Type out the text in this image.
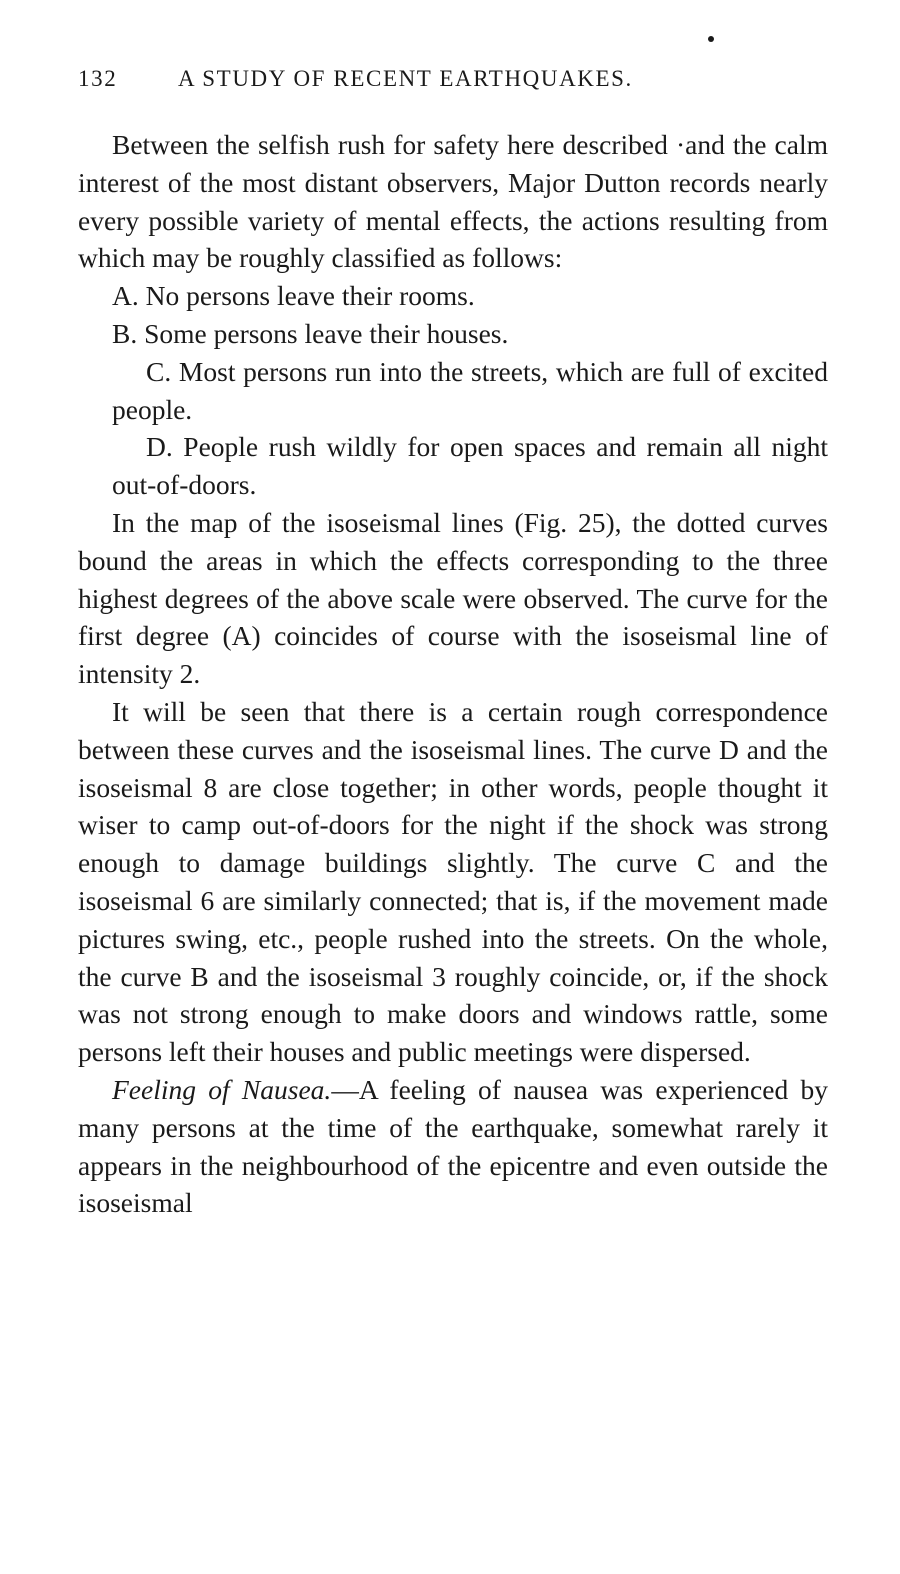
132	A STUDY OF RECENT EARTHQUAKES.

Between the selfish rush for safety here described ·and the calm interest of the most distant observers, Major Dutton records nearly every possible variety of mental effects, the actions resulting from which may be roughly classified as follows:

A. No persons leave their rooms.

B. Some persons leave their houses.

C. Most persons run into the streets, which are full of excited people.

D. People rush wildly for open spaces and remain all night out-of-doors.

In the map of the isoseismal lines (Fig. 25), the dotted curves bound the areas in which the effects corresponding to the three highest degrees of the above scale were observed. The curve for the first degree (A) coincides of course with the isoseismal line of intensity 2.

It will be seen that there is a certain rough correspondence between these curves and the isoseismal lines. The curve D and the isoseismal 8 are close together; in other words, people thought it wiser to camp out-of-doors for the night if the shock was strong enough to damage buildings slightly. The curve C and the isoseismal 6 are similarly connected; that is, if the movement made pictures swing, etc., people rushed into the streets. On the whole, the curve B and the isoseismal 3 roughly coincide, or, if the shock was not strong enough to make doors and windows rattle, some persons left their houses and public meetings were dispersed.

Feeling of Nausea.—A feeling of nausea was experienced by many persons at the time of the earthquake, somewhat rarely it appears in the neighbourhood of the epicentre and even outside the isoseismal
